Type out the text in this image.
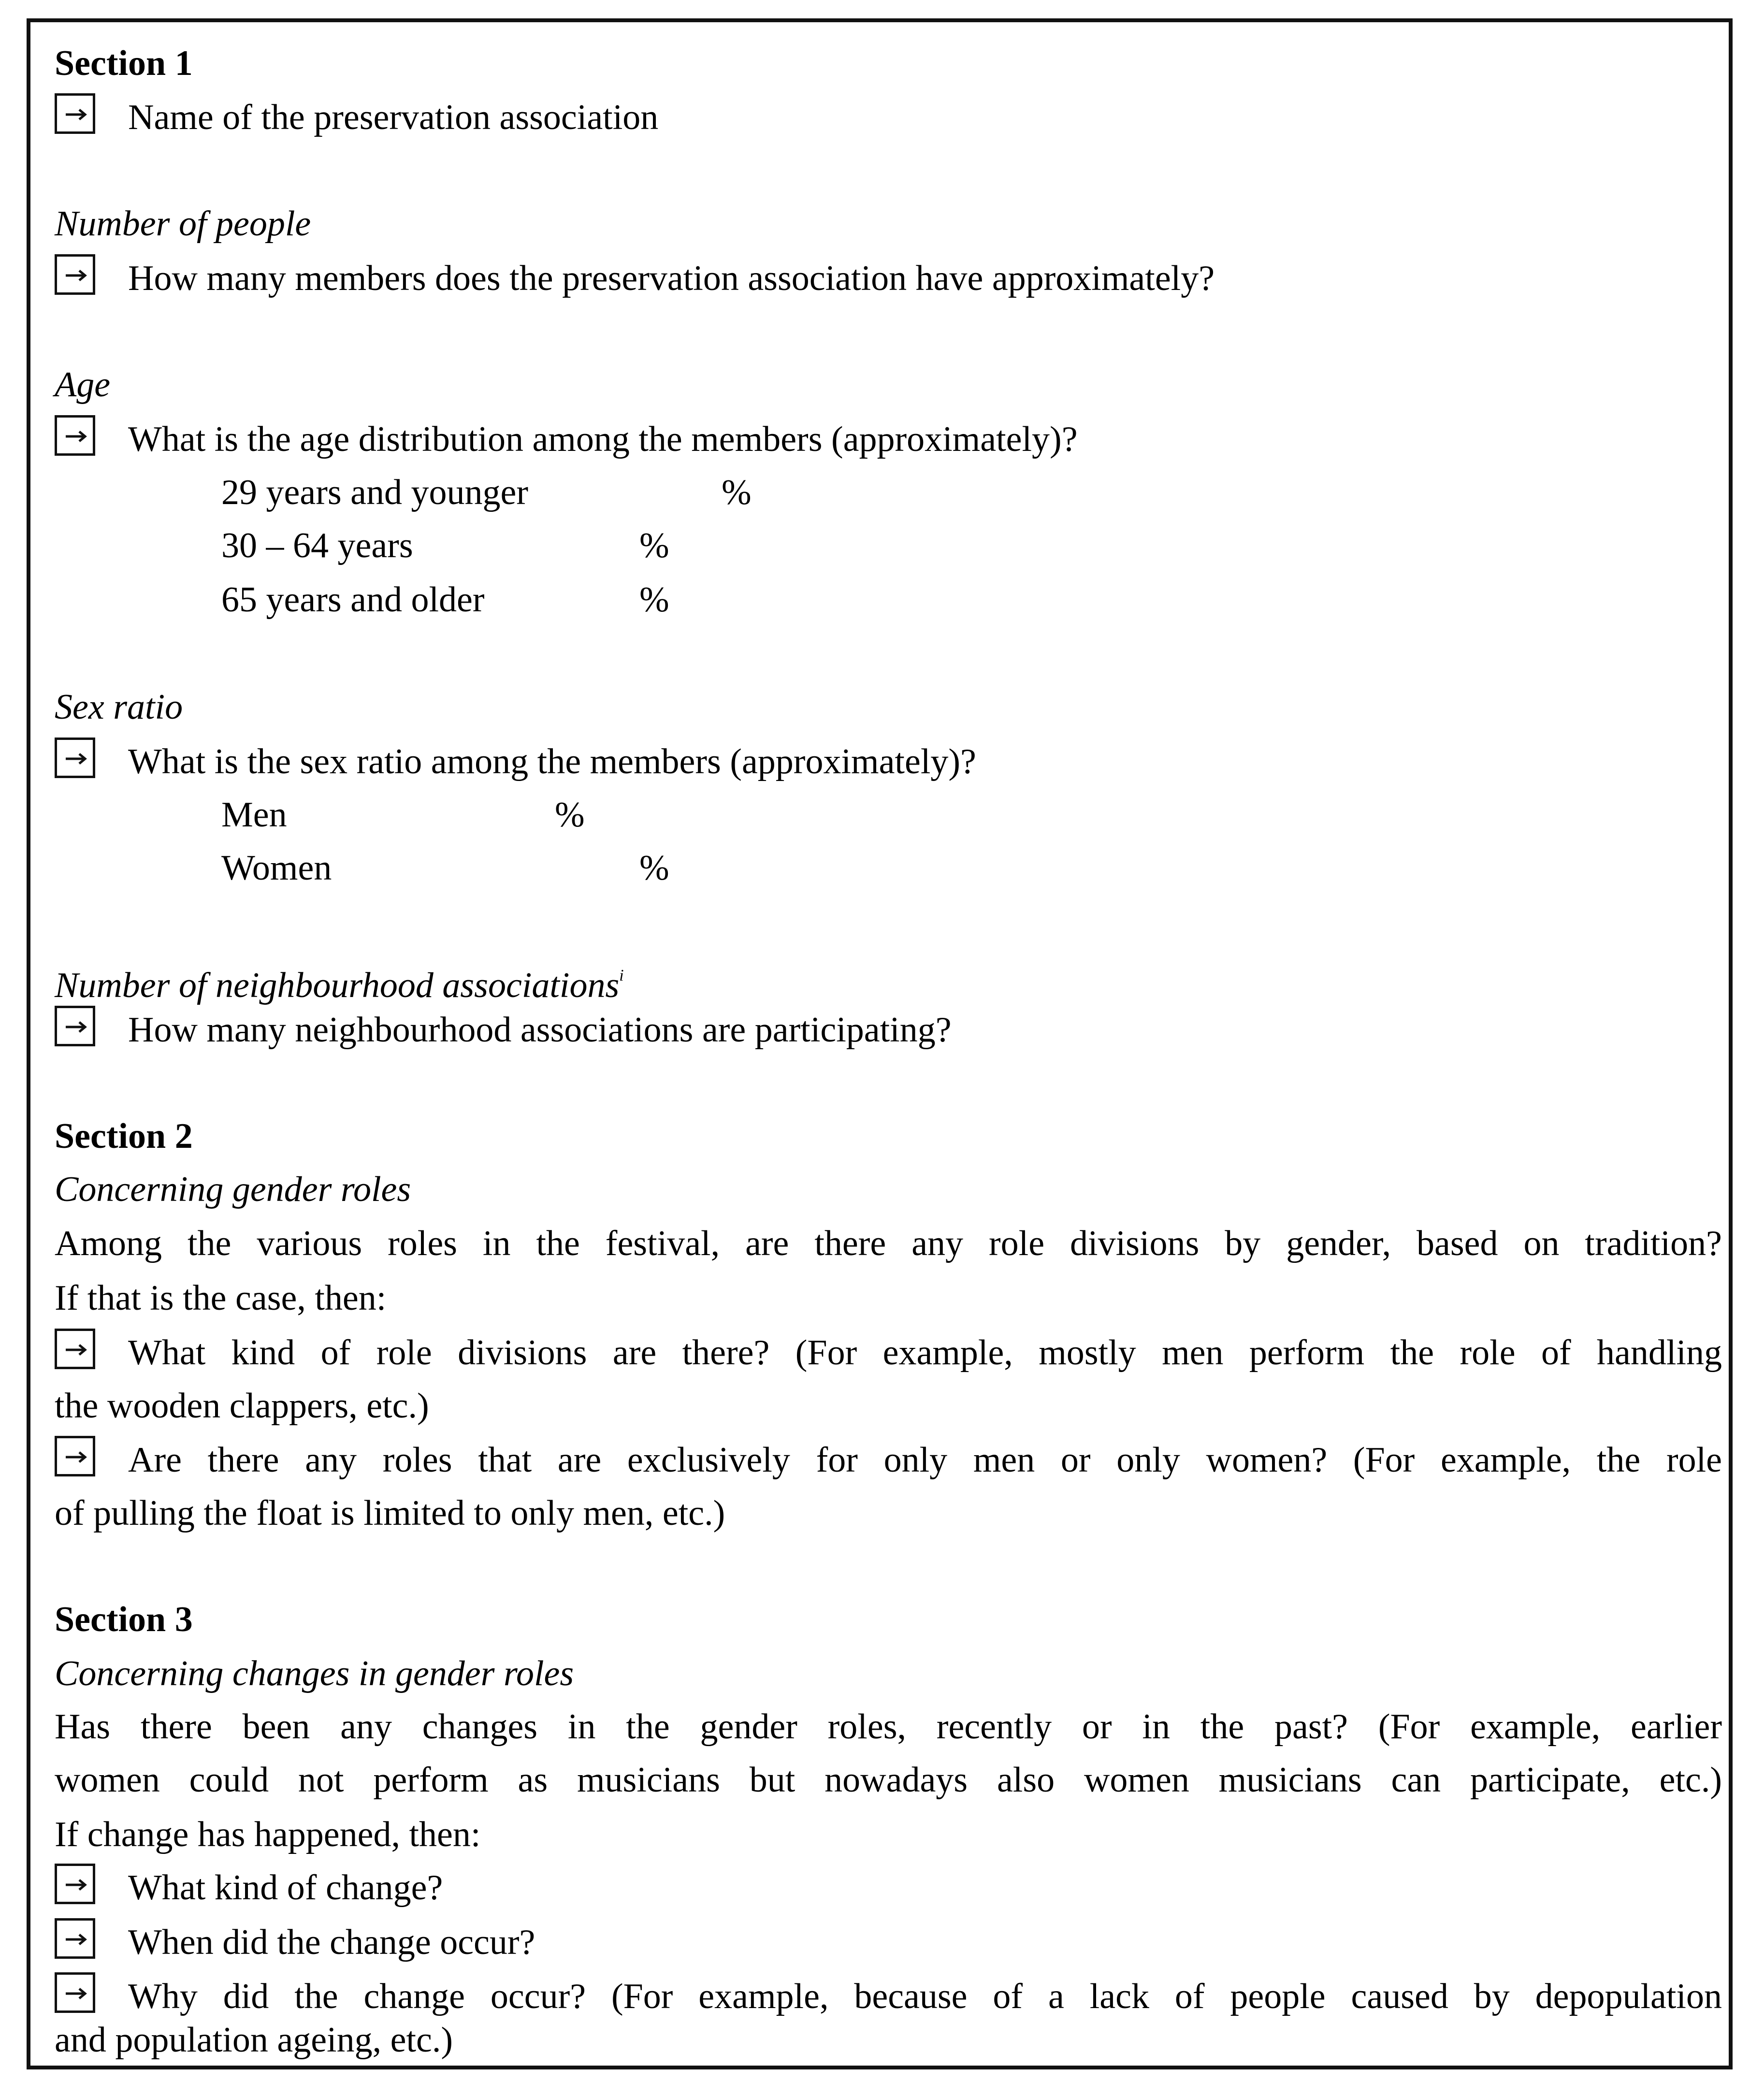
Section 1
Name of the preservation association
Number of people
How many members does the preservation association have approximately?
Age
What is the age distribution among the members (approximately)?
29 years and younger	%
30 – 64 years	%
65 years and older	%
Sex ratio
What is the sex ratio among the members (approximately)?
Men	%
Women	%
Number of neighbourhood associations$^i$
How many neighbourhood associations are participating?
Section 2
Concerning gender roles
Among the various roles in the festival, are there any role divisions by gender, based on tradition?
If that is the case, then:
What kind of role divisions are there? (For example, mostly men perform the role of handling
the wooden clappers, etc.)
Are there any roles that are exclusively for only men or only women? (For example, the role
of pulling the float is limited to only men, etc.)
Section 3
Concerning changes in gender roles
Has there been any changes in the gender roles, recently or in the past? (For example, earlier
women could not perform as musicians but nowadays also women musicians can participate, etc.)
If change has happened, then:
What kind of change?
When did the change occur?
Why did the change occur? (For example, because of a lack of people caused by depopulation
and population ageing, etc.)
